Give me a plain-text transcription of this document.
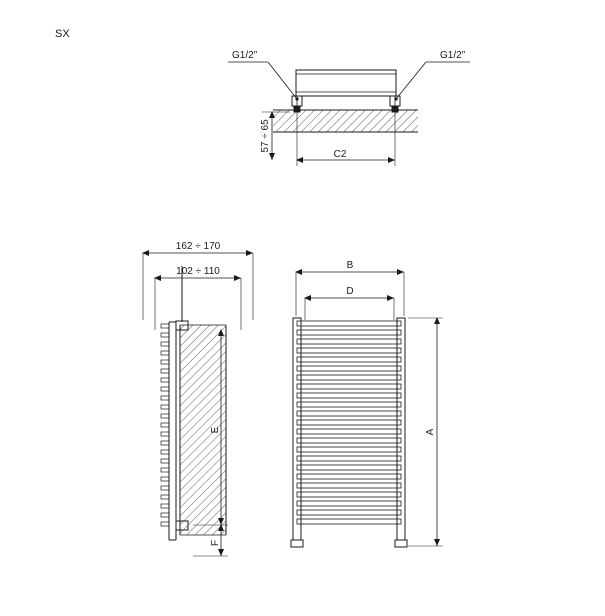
SX
G1/2"	G1/2"
C2
57 ÷ 65
162 ÷ 170
102 ÷ 110
E
F
B
D
A
